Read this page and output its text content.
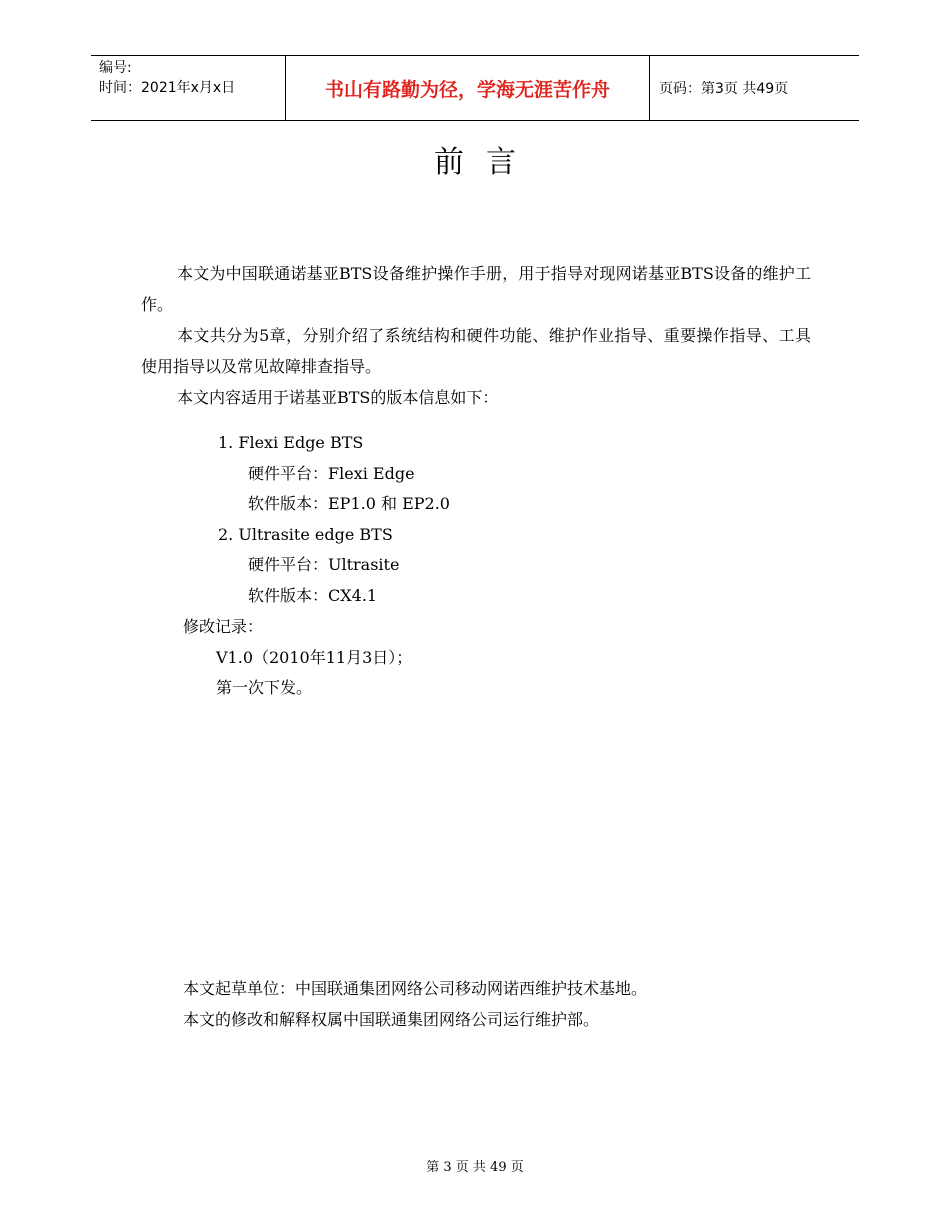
编号:
时间：2021年x月x日	书山有路勤为径，学海无涯苦作舟	页码：第3页 共49页
前言

本文为中国联通诺基亚BTS设备维护操作手册，用于指导对现网诺基亚BTS设备的维护工作。

本文共分为5章，分别介绍了系统结构和硬件功能、维护作业指导、重要操作指导、工具使用指导以及常见故障排查指导。

本文内容适用于诺基亚BTS的版本信息如下：

1. Flexi Edge BTS
硬件平台：Flexi Edge
软件版本：EP1.0 和 EP2.0
2. Ultrasite edge BTS
硬件平台：Ultrasite
软件版本：CX4.1
修改记录：
V1.0（2010年11月3日）；
第一次下发。
本文起草单位：中国联通集团网络公司移动网诺西维护技术基地。
本文的修改和解释权属中国联通集团网络公司运行维护部。
第 3 页 共 49 页
